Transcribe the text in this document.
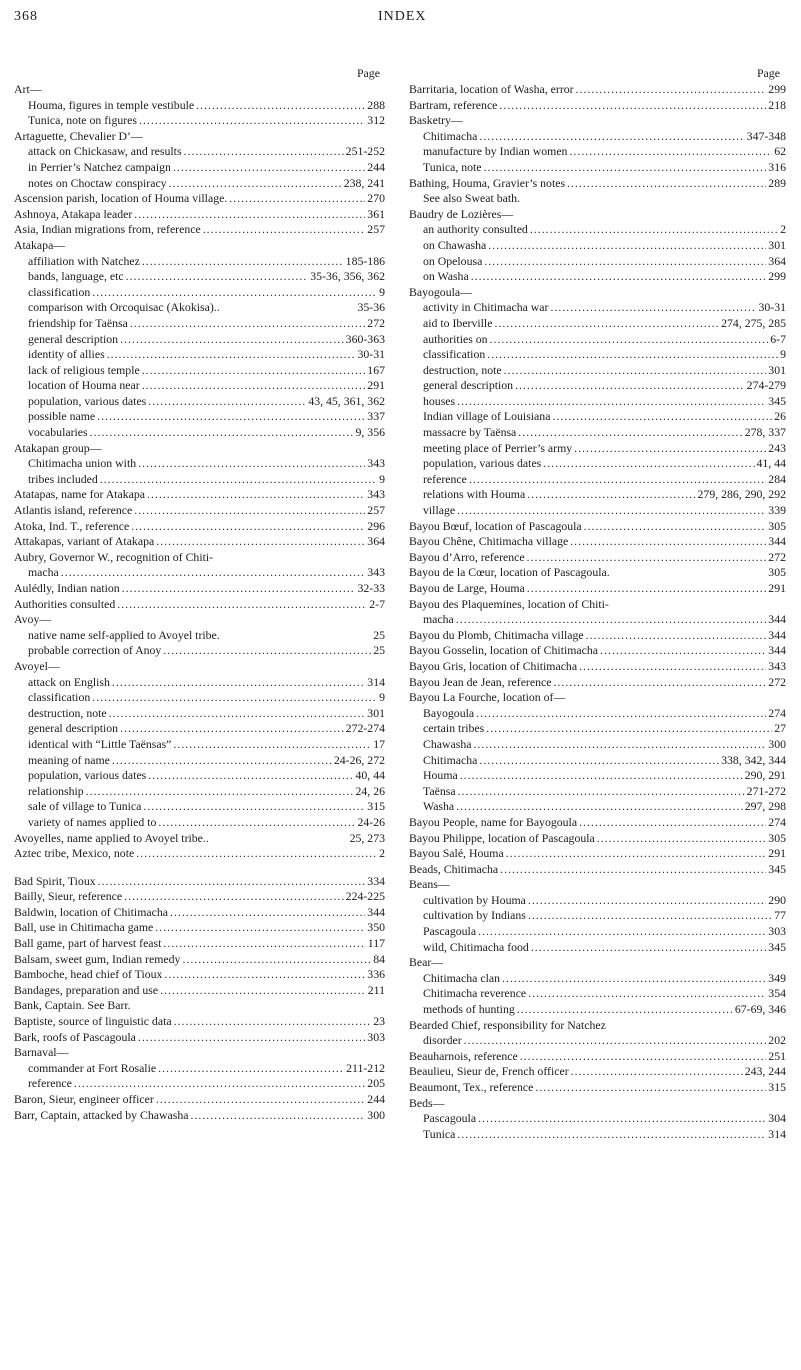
368	INDEX
Page	Page
Art—
Houma, figures in temple vestibule .....	288
Tunica, note on figures .....	312
Artaguette, Chevalier D’—
attack on Chickasaw, and results .....	251-252
in Perrier’s Natchez campaign .....	244
notes on Choctaw conspiracy .....	238, 241
Ascension parish, location of Houma village. .....	270
Ashnoya, Atakapa leader .....	361
Asia, Indian migrations from, reference .....	257
Atakapa—
affiliation with Natchez .....	185-186
bands, language, etc .....	35-36, 356, 362
classification .....	9
comparison with Orcoquisac (Akokisa)..	35-36
friendship for Taënsa .....	272
general description .....	360-363
identity of allies .....	30-31
lack of religious temple .....	167
location of Houma near .....	291
population, various dates .....	43, 45, 361, 362
possible name .....	337
vocabularies .....	9, 356
Atakapan group—
Chitimacha union with .....	343
tribes included .....	9
Atatapas, name for Atakapa .....	343
Atlantis island, reference .....	257
Atoka, Ind. T., reference .....	296
Attakapas, variant of Atakapa .....	364
Aubry, Governor W., recognition of Chiti-
macha .....	343
Aulédly, Indian nation .....	32-33
Authorities consulted .....	2-7
Avoy—
native name self-applied to Avoyel tribe.	25
probable correction of Anoy .....	25
Avoyel—
attack on English .....	314
classification .....	9
destruction, note .....	301
general description .....	272-274
identical with “Little Taënsas” .....	17
meaning of name .....	24-26, 272
population, various dates .....	40, 44
relationship .....	24, 26
sale of village to Tunica .....	315
variety of names applied to .....	24-26
Avoyelles, name applied to Avoyel tribe..	25, 273
Aztec tribe, Mexico, note .....	2
Bad Spirit, Tioux .....	334
Bailly, Sieur, reference .....	224-225
Baldwin, location of Chitimacha .....	344
Ball, use in Chitimacha game .....	350
Ball game, part of harvest feast .....	117
Balsam, sweet gum, Indian remedy .....	84
Bamboche, head chief of Tioux .....	336
Bandages, preparation and use .....	211
Bank, Captain. See Barr.
Baptiste, source of linguistic data .....	23
Bark, roofs of Pascagoula .....	303
Barnaval—
commander at Fort Rosalie .....	211-212
reference .....	205
Baron, Sieur, engineer officer .....	244
Barr, Captain, attacked by Chawasha .....	300
Barritaria, location of Washa, error .....	299
Bartram, reference .....	218
Basketry—
Chitimacha .....	347-348
manufacture by Indian women .....	62
Tunica, note .....	316
Bathing, Houma, Gravier’s notes .....	289
See also Sweat bath.
Baudry de Lozières—
an authority consulted .....	2
on Chawasha .....	301
on Opelousa .....	364
on Washa .....	299
Bayogoula—
activity in Chitimacha war .....	30-31
aid to Iberville .....	274, 275, 285
authorities on .....	6-7
classification .....	9
destruction, note .....	301
general description .....	274-279
houses .....	345
Indian village of Louisiana .....	26
massacre by Taënsa .....	278, 337
meeting place of Perrier’s army .....	243
population, various dates .....	41, 44
reference .....	284
relations with Houma .....	279, 286, 290, 292
village .....	339
Bayou Bœuf, location of Pascagoula .....	305
Bayou Chêne, Chitimacha village .....	344
Bayou d’Arro, reference .....	272
Bayou de la Cœur, location of Pascagoula.	305
Bayou de Large, Houma .....	291
Bayou des Plaquemines, location of Chiti-
macha .....	344
Bayou du Plomb, Chitimacha village .....	344
Bayou Gosselin, location of Chitimacha .....	344
Bayou Gris, location of Chitimacha .....	343
Bayou Jean de Jean, reference .....	272
Bayou La Fourche, location of—
Bayogoula .....	274
certain tribes .....	27
Chawasha .....	300
Chitimacha .....	338, 342, 344
Houma .....	290, 291
Taënsa .....	271-272
Washa .....	297, 298
Bayou People, name for Bayogoula .....	274
Bayou Philippe, location of Pascagoula .....	305
Bayou Salé, Houma .....	291
Beads, Chitimacha .....	345
Beans—
cultivation by Houma .....	290
cultivation by Indians .....	77
Pascagoula .....	303
wild, Chitimacha food .....	345
Bear—
Chitimacha clan .....	349
Chitimacha reverence .....	354
methods of hunting .....	67-69, 346
Bearded Chief, responsibility for Natchez
disorder .....	202
Beauharnois, reference .....	251
Beaulieu, Sieur de, French officer .....	243, 244
Beaumont, Tex., reference .....	315
Beds—
Pascagoula .....	304
Tunica .....	314
